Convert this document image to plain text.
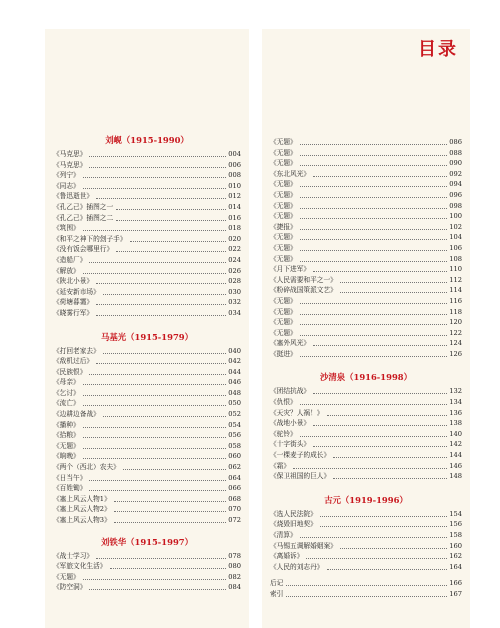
刘岘（1915-1990）
《马克思》	004
《马克思》	006
《列宁》	008
《同志》	010
《鲁迅逝世》	012
《孔乙己》插图之一	014
《孔乙己》插图之二	016
《筑围》	018
《和平之神下的刽子手》	020
《没有饭会哪里行》	022
《造船厂》	024
《解放》	026
《陕北小景》	028
《延安新市场》	030
《荷塘暮霭》	032
《晓雾行军》	034
马基光（1915-1979）
《打回老家去》	040
《敌机过后》	042
《民族恨》	044
《母亲》	046
《乞讨》	048
《流亡》	050
《边耕边备战》	052
《播种》	054
《拾粮》	056
《无题》	058
《晌晚》	060
《两个（西北）农夫》	062
《日当午》	064
《百姓锄》	066
《塞上风云人物1》	068
《塞上风云人物2》	070
《塞上风云人物3》	072
刘铁华（1915-1997）
《战士学习》	078
《军旅文化生活》	080
《无题》	082
《防空洞》	084
目录
《无题》	086
《无题》	088
《无题》	090
《东北风光》	092
《无题》	094
《无题》	096
《无题》	098
《无题》	100
《捷报》	102
《无题》	104
《无题》	106
《无题》	108
《月下进军》	110
《人民需要和平之一》	112
《粉碎战国策派文艺》	114
《无题》	116
《无题》	118
《无题》	120
《无题》	122
《塞外风光》	124
《挺进》	126
沙清泉（1916-1998）
《团结抗战》	132
《仇恨》	134
《天灾？人祸！》	136
《战地小景》	138
《驼铃》	140
《十字街头》	142
《一棵麦子的成长》	144
《霜》	146
《保卫祖国的巨人》	148
古元（1919-1996）
《选人民法院》	154
《烧毁旧地契》	156
《清算》	158
《马锡五调解婚姻案》	160
《离婚诉》	162
《人民的刘志丹》	164
后记	166
索引	167
